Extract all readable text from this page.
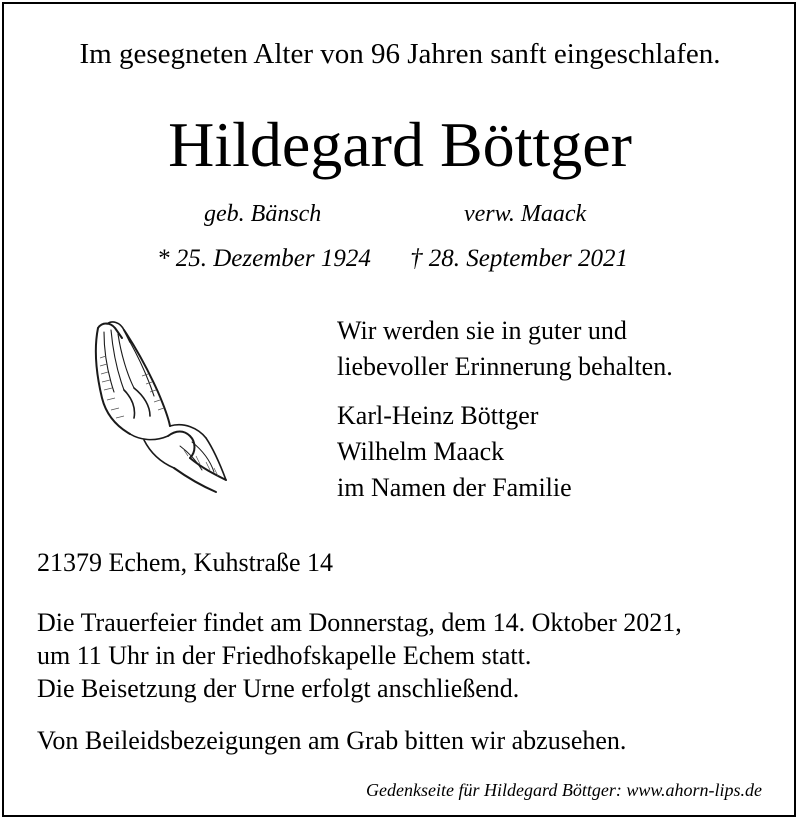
Im gesegneten Alter von 96 Jahren sanft eingeschlafen.
Hildegard Böttger
geb. Bänsch	verw. Maack
* 25. Dezember 1924 † 28. September 2021
Wir werden sie in guter und
liebevoller Erinnerung behalten.
Karl-Heinz Böttger
Wilhelm Maack
im Namen der Familie
21379 Echem, Kuhstraße 14
Die Trauerfeier findet am Donnerstag, dem 14. Oktober 2021,
um 11 Uhr in der Friedhofskapelle Echem statt.
Die Beisetzung der Urne erfolgt anschließend.
Von Beileidsbezeigungen am Grab bitten wir abzusehen.
Gedenkseite für Hildegard Böttger: www.ahorn-lips.de
